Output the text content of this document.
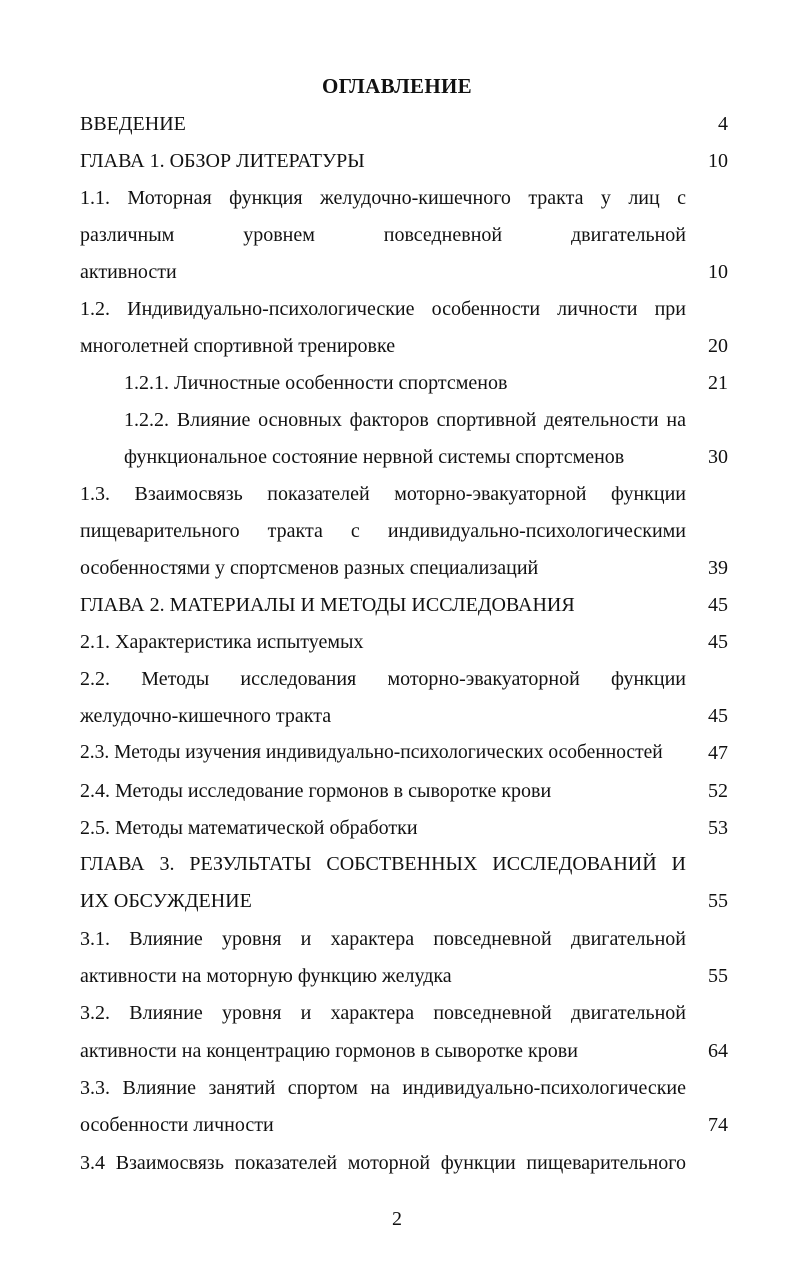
ОГЛАВЛЕНИЕ
ВВЕДЕНИЕ	4
ГЛАВА 1. ОБЗОР ЛИТЕРАТУРЫ	10
1.1. Моторная функция желудочно-кишечного тракта у лиц с
различным уровнем повседневной двигательной
активности	10
1.2. Индивидуально-психологические особенности личности при
многолетней спортивной тренировке	20
1.2.1. Личностные особенности спортсменов	21
1.2.2. Влияние основных факторов спортивной деятельности на
функциональное состояние нервной системы спортсменов	30
1.3. Взаимосвязь показателей моторно-эвакуаторной функции
пищеварительного тракта с индивидуально-психологическими
особенностями у спортсменов разных специализаций	39
ГЛАВА 2. МАТЕРИАЛЫ И МЕТОДЫ ИССЛЕДОВАНИЯ	45
2.1. Характеристика испытуемых	45
2.2. Методы исследования моторно-эвакуаторной функции
желудочно-кишечного тракта	45
2.3. Методы изучения индивидуально-психологических особенностей	47
2.4. Методы исследование гормонов в сыворотке крови	52
2.5. Методы математической обработки	53
ГЛАВА 3. РЕЗУЛЬТАТЫ СОБСТВЕННЫХ ИССЛЕДОВАНИЙ И
ИХ ОБСУЖДЕНИЕ	55
3.1. Влияние уровня и характера повседневной двигательной
активности на моторную функцию желудка	55
3.2. Влияние уровня и характера повседневной двигательной
активности на концентрацию гормонов в сыворотке крови	64
3.3. Влияние занятий спортом на индивидуально-психологические
особенности личности	74
3.4 Взаимосвязь показателей моторной функции пищеварительного
2
